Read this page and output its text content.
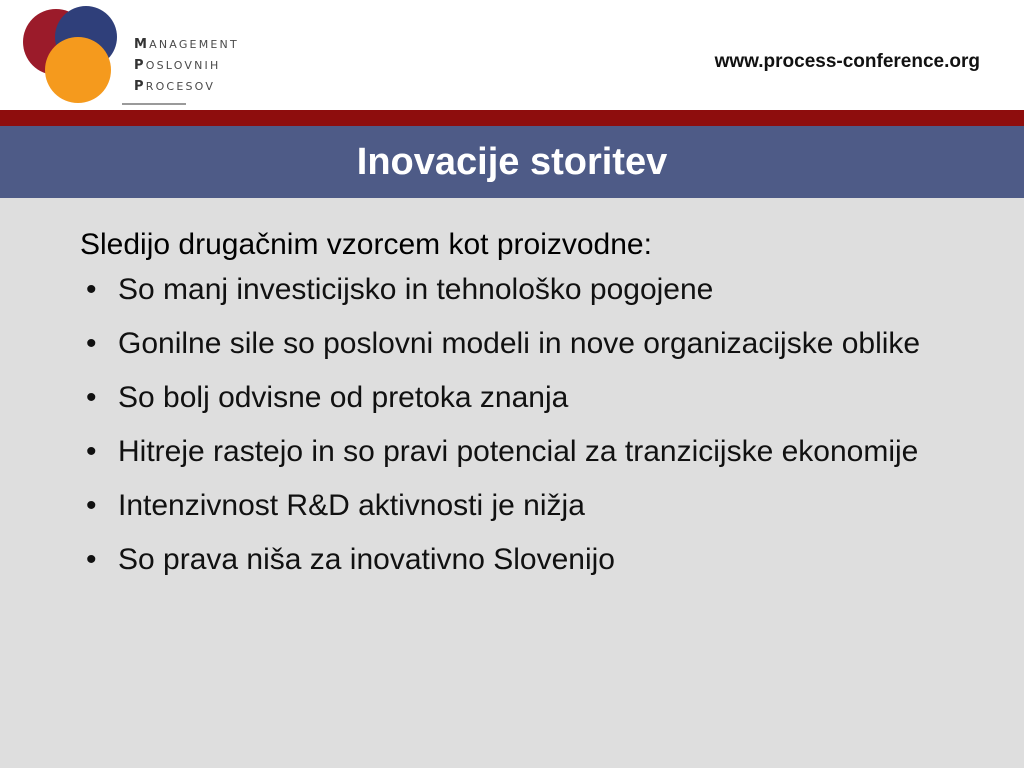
MANAGEMENT
POSLOVNIH
PROCESOV
www.process-conference.org
Inovacije storitev
Sledijo drugačnim vzorcem kot proizvodne:
• So manj investicijsko in tehnološko pogojene
• Gonilne sile so poslovni modeli in nove organizacijske oblike
• So bolj odvisne od pretoka znanja
• Hitreje rastejo in so pravi potencial za tranzicijske ekonomije
• Intenzivnost R&D aktivnosti je nižja
• So prava niša za inovativno Slovenijo
